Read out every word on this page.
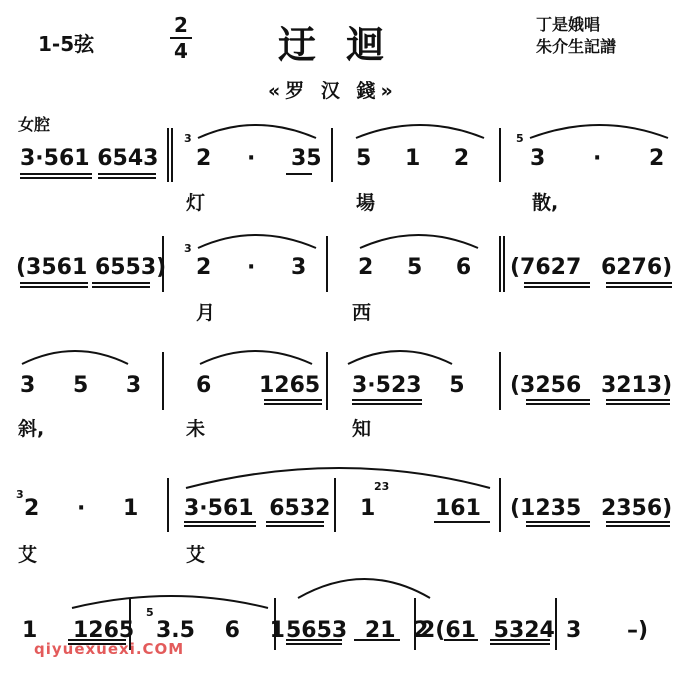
1-5弦
2
4 迂迴	丁是娥唱
朱介生記譜
«罗 汉 錢»
女腔
3·561 6543 2 · 35 5 1 2	3 · 2
灯	場	散,
(3561 6553) 2 · 3 2 5 6 (7627 6276)
月	西
3 5 3 6 1265 3·523 5 (3256 3213)
斜,	未	知
2 · 1 3·561 6532 1 161 (1235 2356)
艾	艾
1 1265 3.5 6 1 5653 21 2
2(61 5324 3 –)
3
3
5
3
23
5
qiyuexuexi.COM
